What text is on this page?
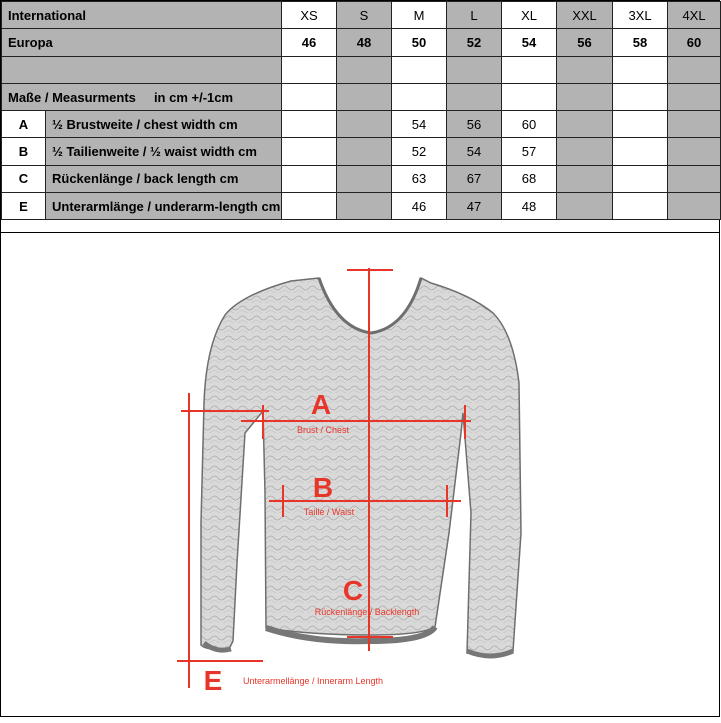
International		XS	S	M	L	XL	XXL	3XL	4XL
Europa		46	48	50	52	54	56	58	60

Maße / Measurments in cm +/-1cm									
A	½ Brustweite / chest width cm			54	56	60			
B	½ Tailienweite / ½ waist width cm			52	54	57			
C	Rückenlänge / back length cm			63	67	68			
E	Unterarmlänge / underarm-length cm			46	47	48			
A
Brust / Chest
B
Taille / Waist
C
Rückenlänge / Backlength
E Unterarmellänge / Innerarm Length
